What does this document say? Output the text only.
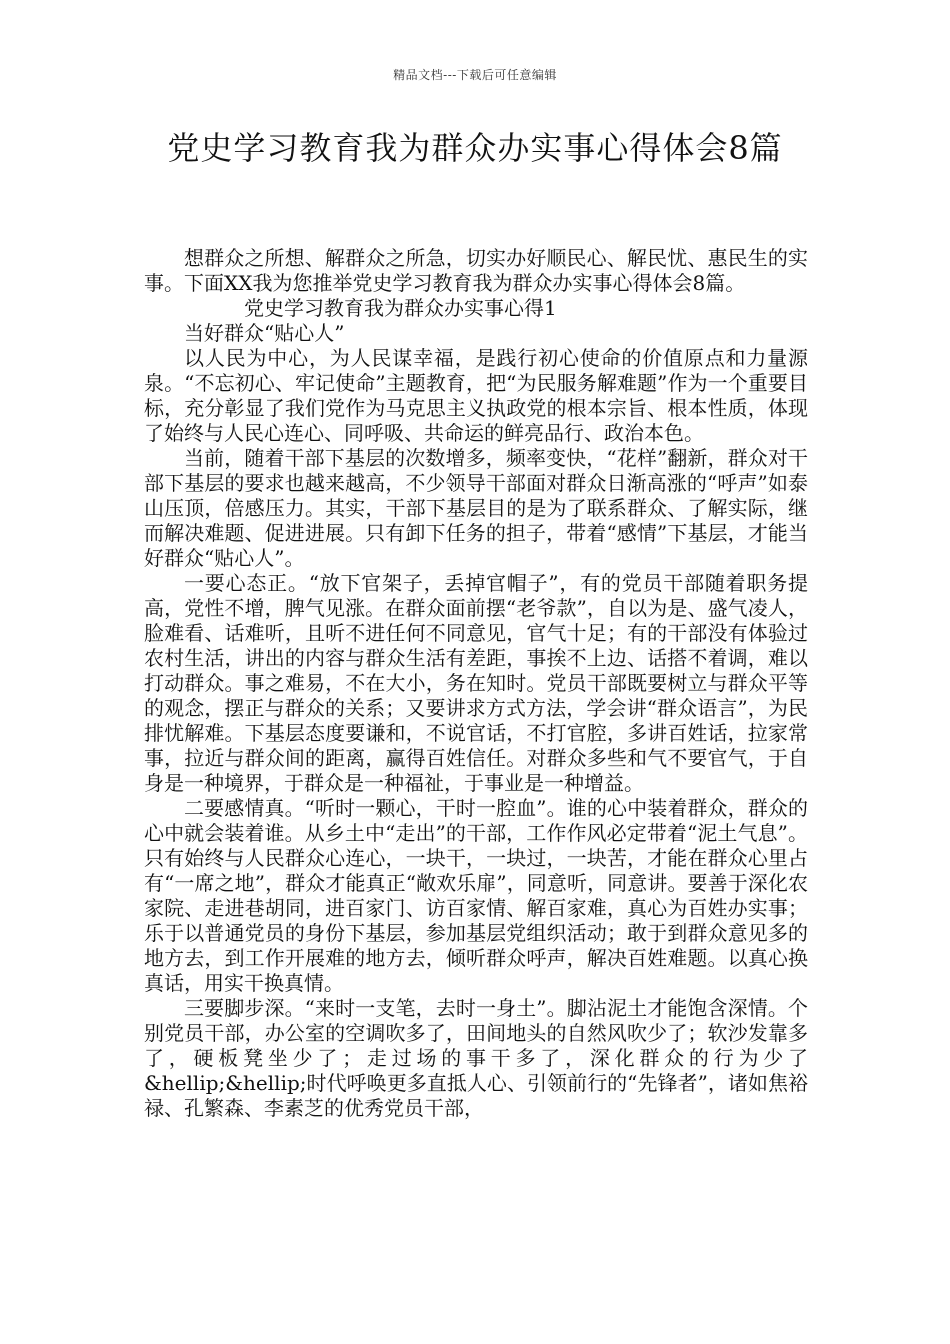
精品文档---下载后可任意编辑
党史学习教育我为群众办实事心得体会8篇

想群众之所想、解群众之所急，切实办好顺民心、解民忧、惠民生的实事。下面XX我为您推举党史学习教育我为群众办实事心得体会8篇。

党史学习教育我为群众办实事心得1

当好群众“贴心人”

以人民为中心，为人民谋幸福，是践行初心使命的价值原点和力量源泉。“不忘初心、牢记使命”主题教育，把“为民服务解难题”作为一个重要目标，充分彰显了我们党作为马克思主义执政党的根本宗旨、根本性质，体现了始终与人民心连心、同呼吸、共命运的鲜亮品行、政治本色。

当前，随着干部下基层的次数增多，频率变快，“花样”翻新，群众对干部下基层的要求也越来越高，不少领导干部面对群众日渐高涨的“呼声”如泰山压顶，倍感压力。其实，干部下基层目的是为了联系群众、了解实际，继而解决难题、促进进展。只有卸下任务的担子，带着“感情”下基层，才能当好群众“贴心人”。

一要心态正。“放下官架子，丢掉官帽子”，有的党员干部随着职务提高，党性不增，脾气见涨。在群众面前摆“老爷款”，自以为是、盛气凌人，脸难看、话难听，且听不进任何不同意见，官气十足；有的干部没有体验过农村生活，讲出的内容与群众生活有差距，事挨不上边、话搭不着调，难以打动群众。事之难易，不在大小，务在知时。党员干部既要树立与群众平等的观念，摆正与群众的关系；又要讲求方式方法，学会讲“群众语言”，为民排忧解难。下基层态度要谦和，不说官话，不打官腔，多讲百姓话，拉家常事，拉近与群众间的距离，赢得百姓信任。对群众多些和气不要官气，于自身是一种境界，于群众是一种福祉，于事业是一种增益。

二要感情真。“听时一颗心，干时一腔血”。谁的心中装着群众，群众的心中就会装着谁。从乡土中“走出”的干部，工作作风必定带着“泥土气息”。只有始终与人民群众心连心，一块干，一块过，一块苦，才能在群众心里占有“一席之地”，群众才能真正“敞欢乐扉”，同意听，同意讲。要善于深化农家院、走进巷胡同，进百家门、访百家情、解百家难，真心为百姓办实事；乐于以普通党员的身份下基层，参加基层党组织活动；敢于到群众意见多的地方去，到工作开展难的地方去，倾听群众呼声，解决百姓难题。以真心换真话，用实干换真情。

三要脚步深。“来时一支笔，去时一身土”。脚沾泥土才能饱含深情。个别党员干部，办公室的空调吹多了，田间地头的自然风吹少了；软沙发靠多了，硬板凳坐少了；走过场的事干多了，深化群众的行为少了&hellip;&hellip;时代呼唤更多直抵人心、引领前行的“先锋者”，诸如焦裕禄、孔繁森、李素芝的优秀党员干部，
